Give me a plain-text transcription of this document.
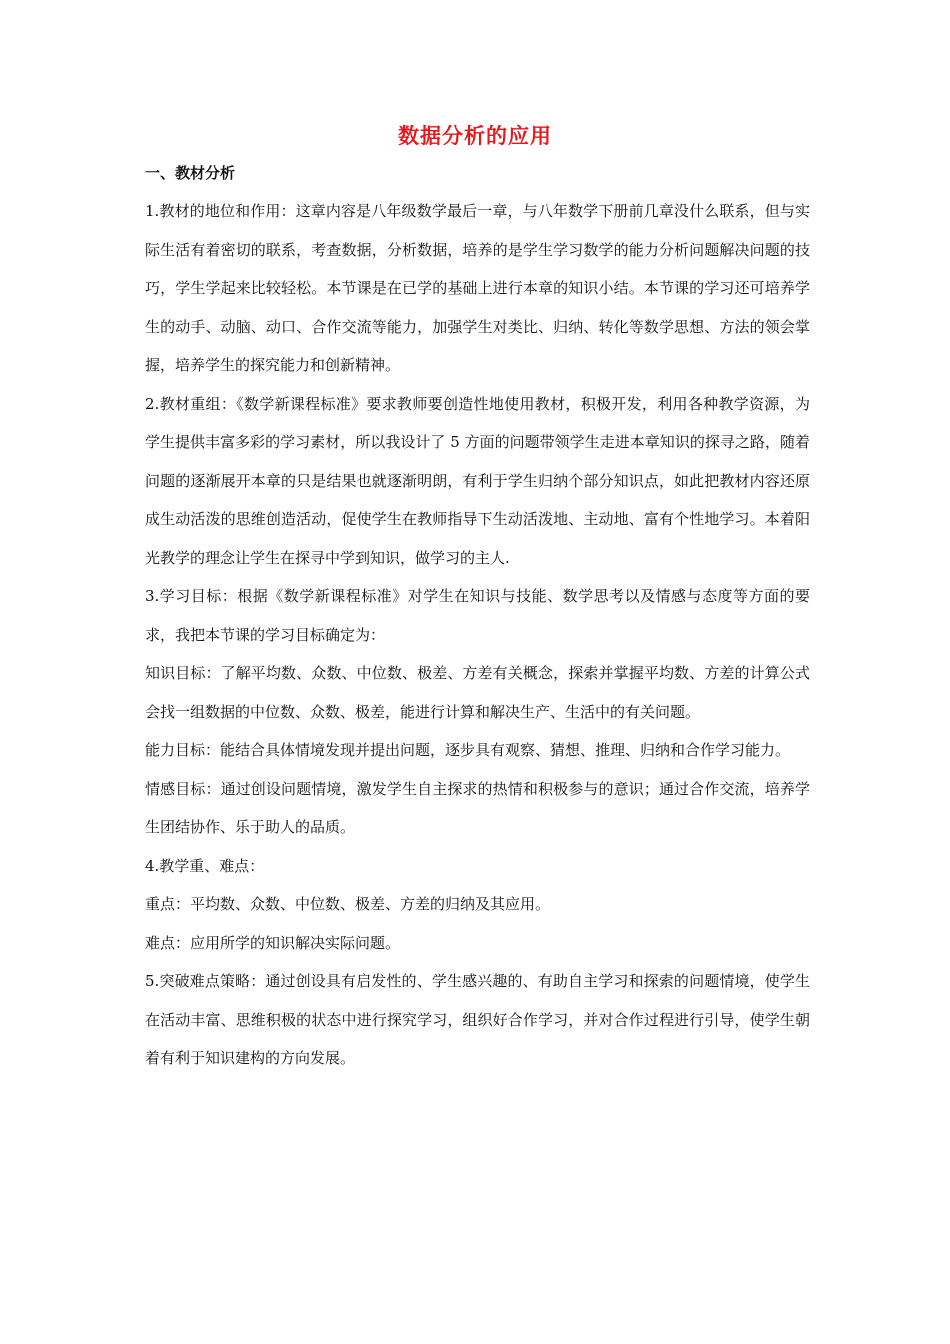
数据分析的应用
一、教材分析

1.教材的地位和作用：这章内容是八年级数学最后一章，与八年数学下册前几章没什么联系，但与实际生活有着密切的联系，考查数据，分析数据，培养的是学生学习数学的能力分析问题解决问题的技巧，学生学起来比较轻松。本节课是在已学的基础上进行本章的知识小结。本节课的学习还可培养学生的动手、动脑、动口、合作交流等能力，加强学生对类比、归纳、转化等数学思想、方法的领会掌握，培养学生的探究能力和创新精神。

2.教材重组：《数学新课程标准》要求教师要创造性地使用教材，积极开发，利用各种教学资源，为学生提供丰富多彩的学习素材，所以我设计了 5 方面的问题带领学生走进本章知识的探寻之路，随着问题的逐渐展开本章的只是结果也就逐渐明朗，有利于学生归纳个部分知识点，如此把教材内容还原成生动活泼的思维创造活动，促使学生在教师指导下生动活泼地、主动地、富有个性地学习。本着阳光教学的理念让学生在探寻中学到知识，做学习的主人.

3.学习目标：根据《数学新课程标准》对学生在知识与技能、数学思考以及情感与态度等方面的要求，我把本节课的学习目标确定为：

知识目标：了解平均数、众数、中位数、极差、方差有关概念，探索并掌握平均数、方差的计算公式会找一组数据的中位数、众数、极差，能进行计算和解决生产、生活中的有关问题。

能力目标：能结合具体情境发现并提出问题，逐步具有观察、猜想、推理、归纳和合作学习能力。

情感目标：通过创设问题情境，激发学生自主探求的热情和积极参与的意识；通过合作交流，培养学生团结协作、乐于助人的品质。

4.教学重、难点：

重点：平均数、众数、中位数、极差、方差的归纳及其应用。

难点：应用所学的知识解决实际问题。

5.突破难点策略：通过创设具有启发性的、学生感兴趣的、有助自主学习和探索的问题情境，使学生在活动丰富、思维积极的状态中进行探究学习，组织好合作学习，并对合作过程进行引导，使学生朝着有利于知识建构的方向发展。
